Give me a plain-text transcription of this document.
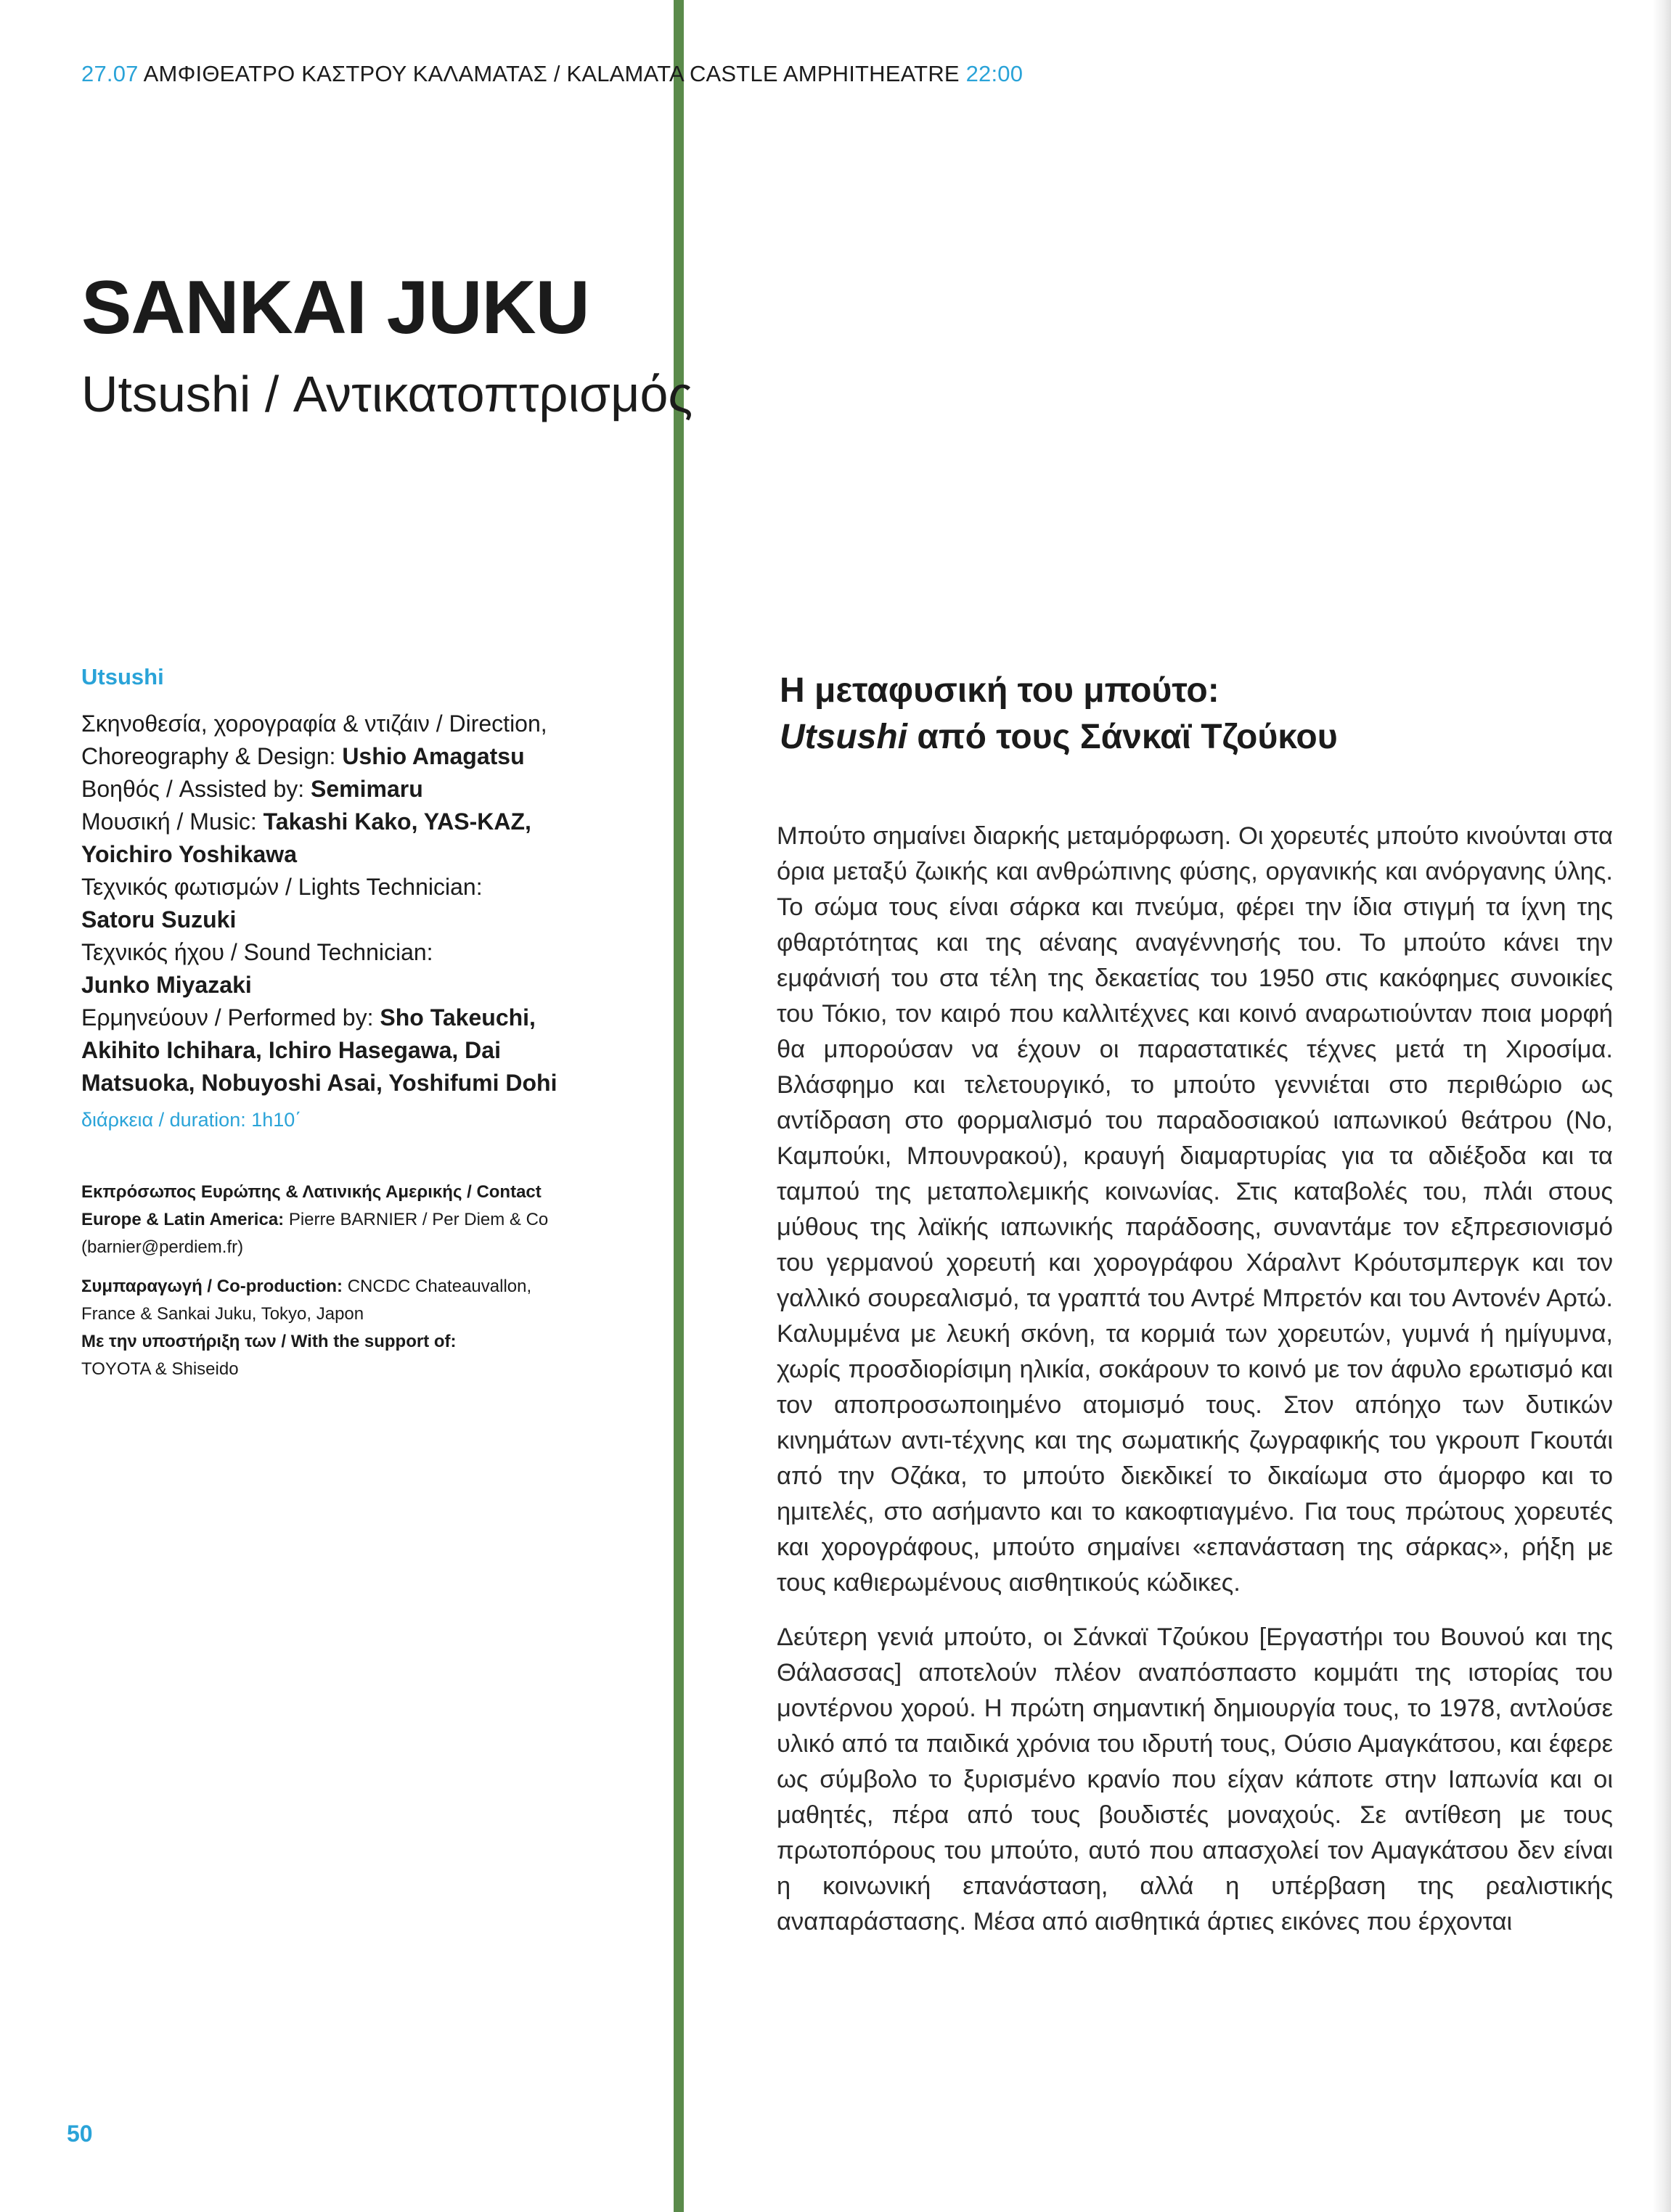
27.07 ΑΜΦΙΘΕΑΤΡΟ ΚΑΣΤΡΟΥ ΚΑΛΑΜΑΤΑΣ / KALAMATA CASTLE AMPHITHEATRE 22:00
SANKAI JUKU
Utsushi / Αντικατοπτρισμός
Utsushi
Σκηνοθεσία, χορογραφία & ντιζάιν / Direction, Choreography & Design: Ushio Amagatsu
Βοηθός / Assisted by: Semimaru
Μουσική / Music: Takashi Kako, YAS-KAZ, Yoichiro Yoshikawa
Τεχνικός φωτισμών / Lights Technician:
Satoru Suzuki
Τεχνικός ήχου / Sound Technician:
Junko Miyazaki
Ερμηνεύουν / Performed by: Sho Takeuchi, Akihito Ichihara, Ichiro Hasegawa, Dai Matsuoka, Nobuyoshi Asai, Yoshifumi Dohi
διάρκεια / duration: 1h10΄

Εκπρόσωπος Ευρώπης & Λατινικής Αμερικής / Contact Europe & Latin America: Pierre BARNIER / Per Diem & Co (barnier@perdiem.fr)

Συμπαραγωγή / Co-production: CNCDC Chateauvallon, France & Sankai Juku, Tokyo, Japon
Με την υποστήριξη των / With the support of:
TOYOTA & Shiseido

Η μεταφυσική του μπούτο:
Utsushi από τους Σάνκαϊ Τζούκου

Μπούτο σημαίνει διαρκής μεταμόρφωση. Οι χορευτές μπούτο κινούνται στα όρια μεταξύ ζωικής και ανθρώπινης φύσης, οργανικής και ανόργανης ύλης. Το σώμα τους είναι σάρκα και πνεύμα, φέρει την ίδια στιγμή τα ίχνη της φθαρτότητας και της αέναης αναγέννησής του. Το μπούτο κάνει την εμφάνισή του στα τέλη της δεκαετίας του 1950 στις κακόφημες συνοικίες του Τόκιο, τον καιρό που καλλιτέχνες και κοινό αναρωτιούνταν ποια μορφή θα μπορούσαν να έχουν οι παραστατικές τέχνες μετά τη Χιροσίμα. Βλάσφημο και τελετουργικό, το μπούτο γεννιέται στο περιθώριο ως αντίδραση στο φορμαλισμό του παραδοσιακού ιαπωνικού θεάτρου (Νο, Καμπούκι, Μπουνρακού), κραυγή διαμαρτυρίας για τα αδιέξοδα και τα ταμπού της μεταπολεμικής κοινωνίας. Στις καταβολές του, πλάι στους μύθους της λαϊκής ιαπωνικής παράδοσης, συναντάμε τον εξπρεσιονισμό του γερμανού χορευτή και χορογράφου Χάραλντ Κρόυτσμπεργκ και τον γαλλικό σουρεαλισμό, τα γραπτά του Αντρέ Μπρετόν και του Αντονέν Αρτώ. Καλυμμένα με λευκή σκόνη, τα κορμιά των χορευτών, γυμνά ή ημίγυμνα, χωρίς προσδιορίσιμη ηλικία, σοκάρουν το κοινό με τον άφυλο ερωτισμό και τον αποπροσωποιημένο ατομισμό τους. Στον απόηχο των δυτικών κινημάτων αντι-τέχνης και της σωματικής ζωγραφικής του γκρουπ Γκουτάι από την Οζάκα, το μπούτο διεκδικεί το δικαίωμα στο άμορφο και το ημιτελές, στο ασήμαντο και το κακοφτιαγμένο. Για τους πρώτους χορευτές και χορογράφους, μπούτο σημαίνει «επανάσταση της σάρκας», ρήξη με τους καθιερωμένους αισθητικούς κώδικες.

Δεύτερη γενιά μπούτο, οι Σάνκαϊ Τζούκου [Εργαστήρι του Βουνού και της Θάλασσας] αποτελούν πλέον αναπόσπαστο κομμάτι της ιστορίας του μοντέρνου χορού. Η πρώτη σημαντική δημιουργία τους, το 1978, αντλούσε υλικό από τα παιδικά χρόνια του ιδρυτή τους, Ούσιο Αμαγκάτσου, και έφερε ως σύμβολο το ξυρισμένο κρανίο που είχαν κάποτε στην Ιαπωνία και οι μαθητές, πέρα από τους βουδιστές μοναχούς. Σε αντίθεση με τους πρωτοπόρους του μπούτο, αυτό που απασχολεί τον Αμαγκάτσου δεν είναι η κοινωνική επανάσταση, αλλά η υπέρβαση της ρεαλιστικής αναπαράστασης. Μέσα από αισθητικά άρτιες εικόνες που έρχονται

50
